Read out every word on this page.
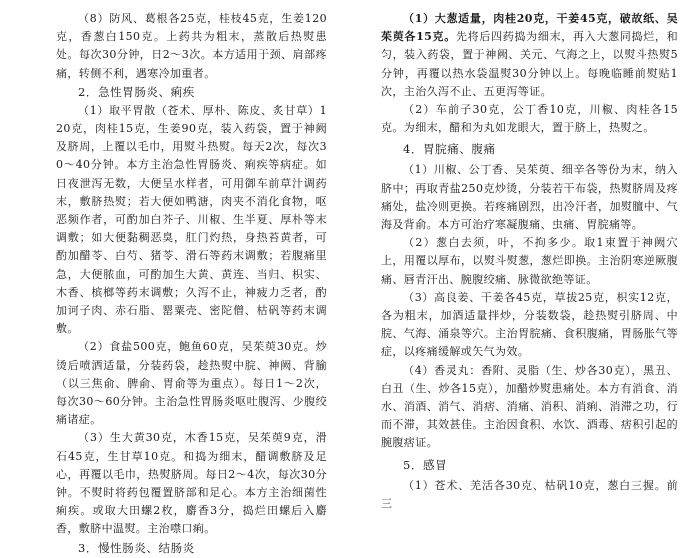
（8）防风、葛根各25克，桂枝45克，生姜120克，香葱白150克。上药共为粗末，蒸散后热熨患处。每次30分钟，日2～3次。本方适用于颈、肩部疼痛，转侧不利，遇寒冷加重者。

2．急性胃肠炎、痢疾

（1）取平胃散（苍术、厚朴、陈皮、炙甘草）120克，肉桂15克，生姜90克，装入药袋，置于神阙及脐周，上覆以毛巾，用熨斗热熨。每天2次，每次30～40分钟。本方主治急性胃肠炎、痢疾等病症。如日夜泄泻无数，大便呈水样者，可用御车前草汁调药末，敷脐热熨；若大便如鸭溏，肉夹不消化食物，呕恶频作者，可酌加白芥子、川椒、生半夏、厚朴等末调敷；如大便黏稠恶臭，肛门灼热，身热苔黄者，可酌加醋苓、白芍、猪苓、滑石等药末调敷；若腹痛里急，大便脓血，可酌加生大黄、黄连、当归、枳实、木香、槟榔等药末调敷；久泻不止，神疲力乏者，酌加诃子肉、赤石脂、罂粟壳、密陀僧、枯矾等药末调敷。

（2）食盐500克，鲍鱼60克，吴茱萸30克。炒烫后喷洒适量，分装药袋，趁热熨中脘、神阙、背腧（以三焦俞、脾俞、胃俞等为重点）。每日1～2次，每次30～60分钟。主治急性胃肠炎呕吐腹泻、少腹绞痛诸症。

（3）生大黄30克，木香15克，吴茱萸9克，滑石45克，生甘草10克。和捣为细末，醋调敷脐及足心，再覆以毛巾，热熨脐周。每日2～4次，每次30分钟。不熨时将药包覆置脐部和足心。本方主治细菌性痢疾。或取大田螺2枚，麝香3分，捣烂田螺后入麝香，敷脐中温熨。主治噤口痢。

3．慢性肠炎、结肠炎

（1）大葱适量，肉桂20克，干姜45克，破故纸、吴茱萸各15克。先将后四药捣为细末，再入大葱同捣烂，和匀，装入药袋，置于神阙、关元、气海之上，以熨斗热熨5分钟，再覆以热水袋温熨30分钟以上。每晚临睡前熨贴1次，主治久泻不止、五更泻等证。

（2）车前子30克，公丁香10克，川椒、肉桂各15克。为细末，醋和为丸如龙眼大，置于脐上，热熨之。

4．胃脘痛、腹痛

（1）川椒、公丁香、吴茱萸、细辛各等份为末，纳入脐中；再取青盐250克炒烫，分装若干布袋，热熨脐周及疼痛处，盐冷则更换。若疼痛剧烈，出冷汗者，加熨膻中、气海及背俞。本方可治疗寒凝腹痛、虫痛、胃脘痛等。

（2）葱白去须，叶，不拘多少。取1束置于神阙穴上，用覆以厚布，以熨斗熨葱，葱烂即换。主治阴寒逆厥腹痛、唇青汗出、腕腹绞痛、脉微欲绝等证。

（3）高良姜、干姜各45克，草拔25克，枳实12克，各为粗末，加酒适量拌炒，分装数袋，趁热熨引脐周、中脘、气海、涌泉等穴。主治胃脘痛、食积腹痛，胃肠胀气等症，以疼痛缓解或矢气为效。

（4）香灵丸：香附、灵脂（生、炒各30克），黑丑、白丑（生、炒各15克），加醋炒熨患痛处。本方有消食、消水、消酒、消气、消痞、消痛、消积、消痢、消滞之功，行而不滞，其效甚佳。主治因食积、水饮、酒毒、痞积引起的腕腹痞证。

5．感冒

（1）苍术、羌活各30克、枯矾10克，葱白三握。前三
